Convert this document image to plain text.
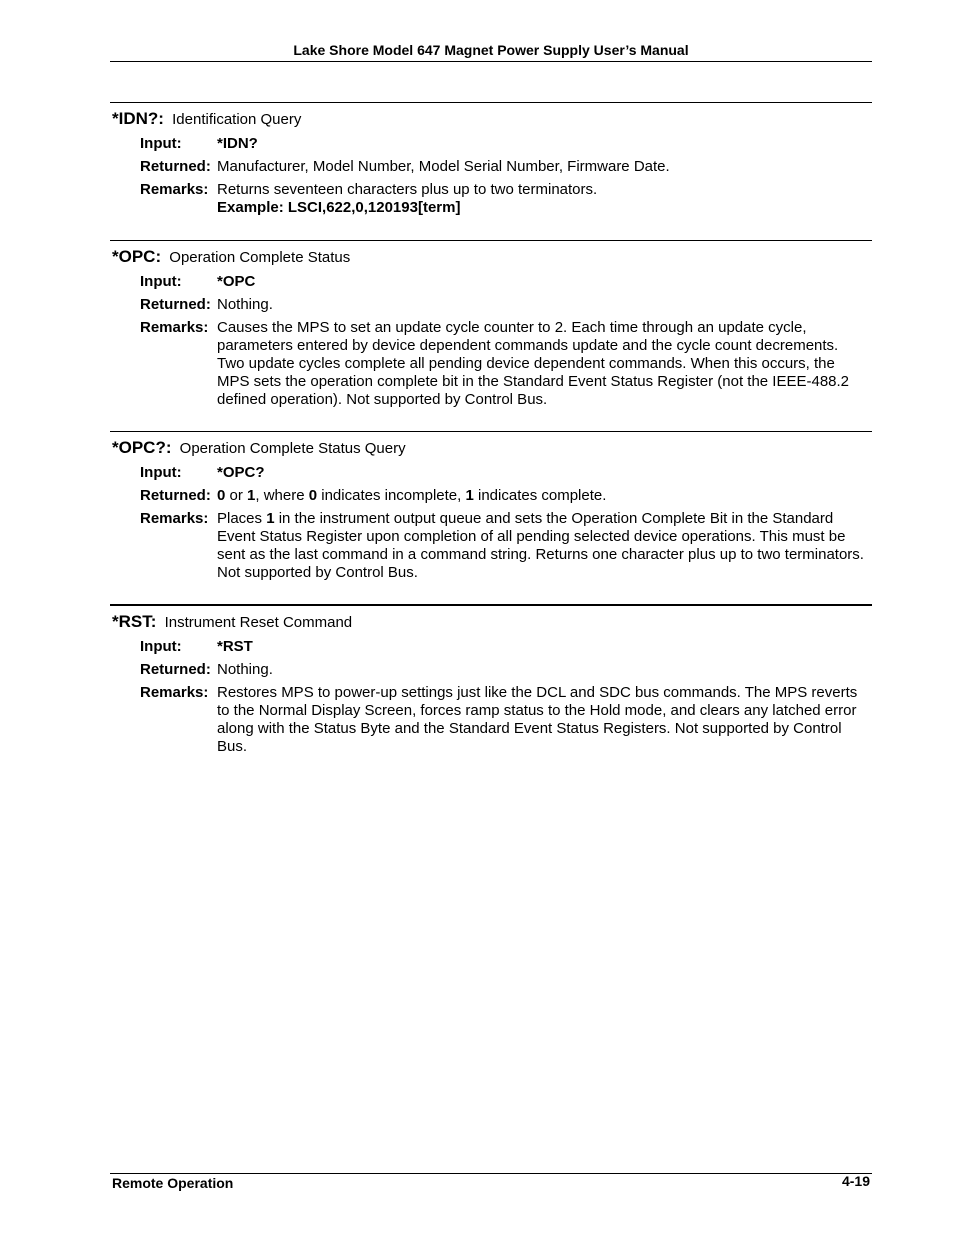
Lake Shore Model 647 Magnet Power Supply User’s Manual
*IDN?: Identification Query
Input:	*IDN?
Returned: Manufacturer, Model Number, Model Serial Number, Firmware Date.
Remarks: Returns seventeen characters plus up to two terminators.
Example: LSCI,622,0,120193[term]
*OPC: Operation Complete Status
Input:	*OPC
Returned: Nothing.
Remarks: Causes the MPS to set an update cycle counter to 2. Each time through an update cycle, parameters entered by device dependent commands update and the cycle count decrements. Two update cycles complete all pending device dependent commands. When this occurs, the MPS sets the operation complete bit in the Standard Event Status Register (not the IEEE-488.2 defined operation). Not supported by Control Bus.
*OPC?: Operation Complete Status Query
Input:	*OPC?
Returned: 0 or 1, where 0 indicates incomplete, 1 indicates complete.
Remarks: Places 1 in the instrument output queue and sets the Operation Complete Bit in the Standard Event Status Register upon completion of all pending selected device operations. This must be sent as the last command in a command string. Returns one character plus up to two terminators. Not supported by Control Bus.
*RST: Instrument Reset Command
Input:	*RST
Returned: Nothing.
Remarks: Restores MPS to power-up settings just like the DCL and SDC bus commands. The MPS reverts to the Normal Display Screen, forces ramp status to the Hold mode, and clears any latched error along with the Status Byte and the Standard Event Status Registers. Not supported by Control Bus.
Remote Operation	4-19
